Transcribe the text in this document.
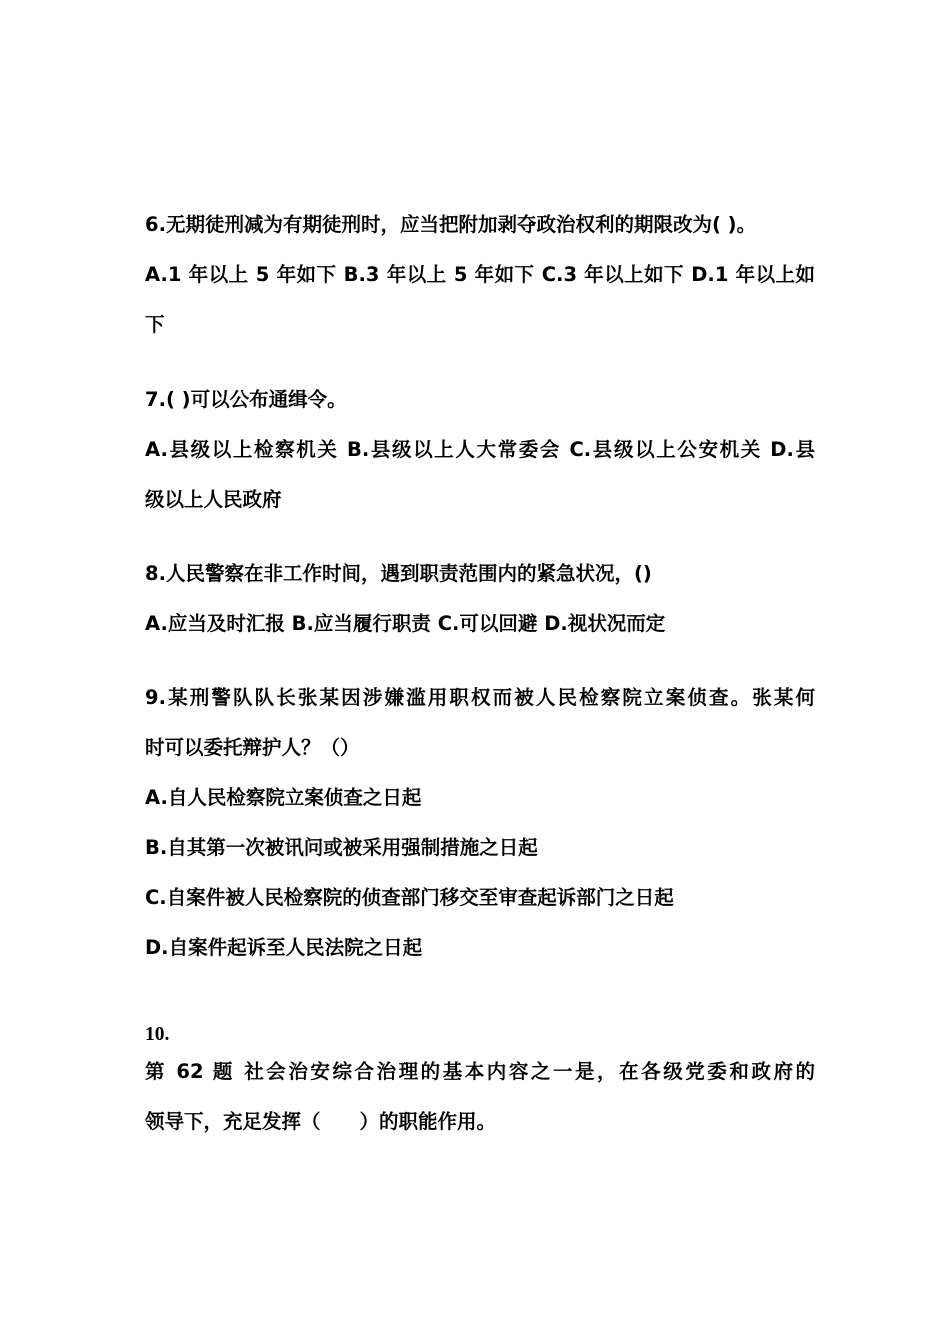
6.无期徒刑减为有期徒刑时，应当把附加剥夺政治权利的期限改为( )。
A.1 年以上 5 年如下 B.3 年以上 5 年如下 C.3 年以上如下 D.1 年以上如
下
7.( )可以公布通缉令。
A.县级以上检察机关 B.县级以上人大常委会 C.县级以上公安机关 D.县
级以上人民政府
8.人民警察在非工作时间，遇到职责范围内的紧急状况，()
A.应当及时汇报 B.应当履行职责 C.可以回避 D.视状况而定
9.某刑警队队长张某因涉嫌滥用职权而被人民检察院立案侦查。张某何
时可以委托辩护人？（）
A.自人民检察院立案侦查之日起
B.自其第一次被讯问或被采用强制措施之日起
C.自案件被人民检察院的侦查部门移交至审查起诉部门之日起
D.自案件起诉至人民法院之日起
10.
第 62 题 社会治安综合治理的基本内容之一是，在各级党委和政府的
领导下，充足发挥（　　）的职能作用。
